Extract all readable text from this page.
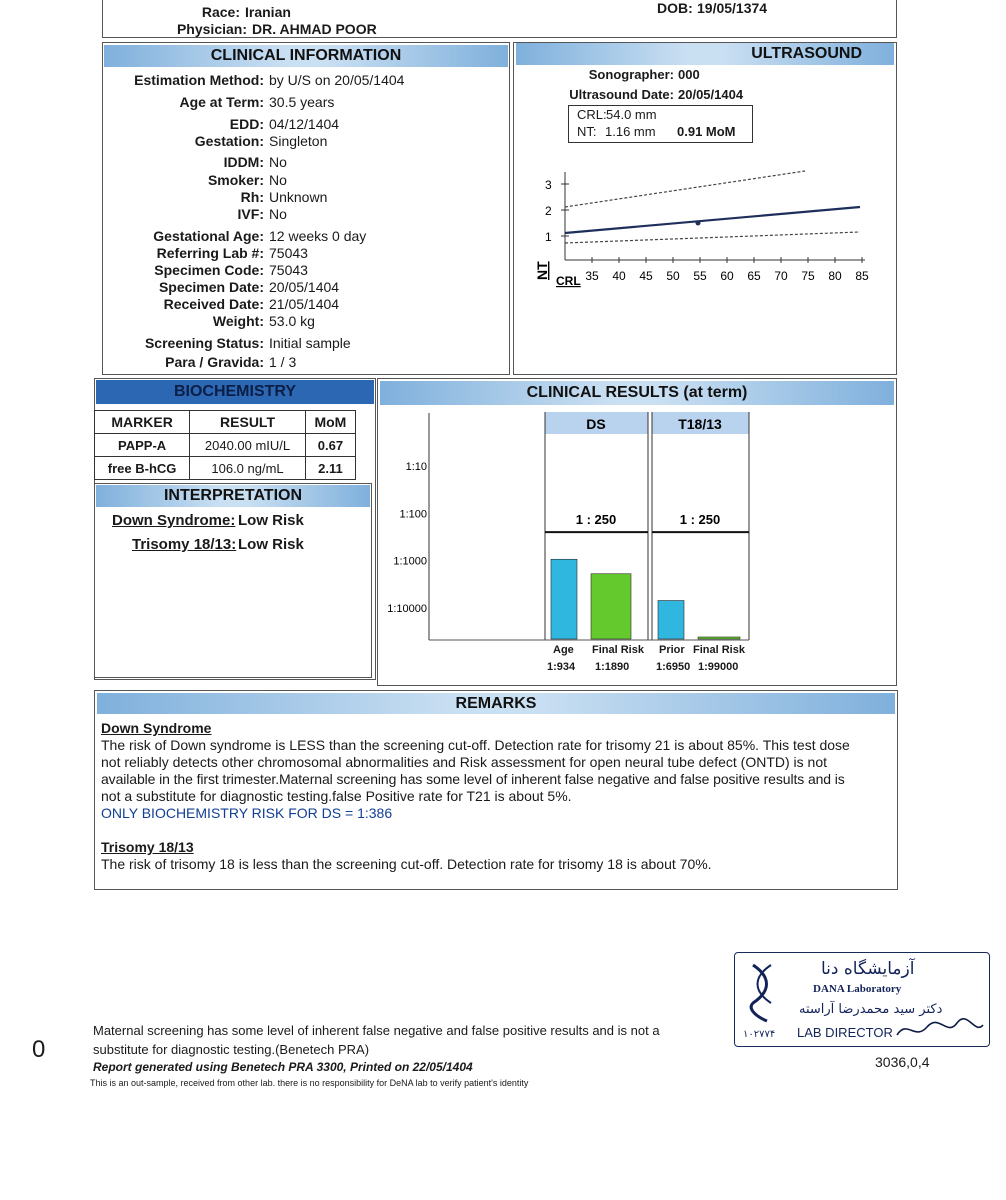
Race: Iranian
Physician: DR. AHMAD POOR
DOB: 19/05/1374
CLINICAL INFORMATION
Estimation Method: by U/S on 20/05/1404
Age at Term: 30.5 years
EDD: 04/12/1404
Gestation: Singleton
IDDM: No
Smoker: No
Rh: Unknown
IVF: No
Gestational Age: 12 weeks 0 day
Referring Lab #: 75043
Specimen Code: 75043
Specimen Date: 20/05/1404
Received Date: 21/05/1404
Weight: 53.0 kg
Screening Status: Initial sample
Para / Gravida: 1 / 3
ULTRASOUND
Sonographer: 000
Ultrasound Date: 20/05/1404
CRL: 54.0 mm
NT: 1.16 mm 0.91 MoM
3
2
1
NT
CRL 35 40 45 50 55 60 65 70 75 80 85
BIOCHEMISTRY
MARKER	RESULT	MoM
PAPP-A	2040.00 mIU/L	0.67
free B-hCG	106.0 ng/mL	2.11
INTERPRETATION
Down Syndrome: Low Risk
Trisomy 18/13: Low Risk
CLINICAL RESULTS (at term)
DS	T18/13
1:10
1:100
1:1000
1:10000
1 : 250	1 : 250
Age Final Risk Prior Final Risk
1:934 1:1890 1:6950 1:99000
REMARKS

Down Syndrome

The risk of Down syndrome is LESS than the screening cut-off. Detection rate for trisomy 21 is about 85%. This test dose

not reliably detects other chromosomal abnormalities and Risk assessment for open neural tube defect (ONTD) is not

available in the first trimester.Maternal screening has some level of inherent false negative and false positive results and is

not a substitute for diagnostic testing.false Positive rate for T21 is about 5%.

ONLY BIOCHEMISTRY RISK FOR DS = 1:386

Trisomy 18/13

The risk of trisomy 18 is less than the screening cut-off. Detection rate for trisomy 18 is about 70%.

0
Maternal screening has some level of inherent false negative and false positive results and is not a
substitute for diagnostic testing.(Benetech PRA)
Report generated using Benetech PRA 3300, Printed on 22/05/1404
This is an out-sample, received from other lab. there is no responsibility for DeNA lab to verify patient's identity
3036,0,4
آزمایشگاه دنا
DANA Laboratory
دکتر سید محمدرضا آراسته
۱۰۲۷۷۴ LAB DIRECTOR
